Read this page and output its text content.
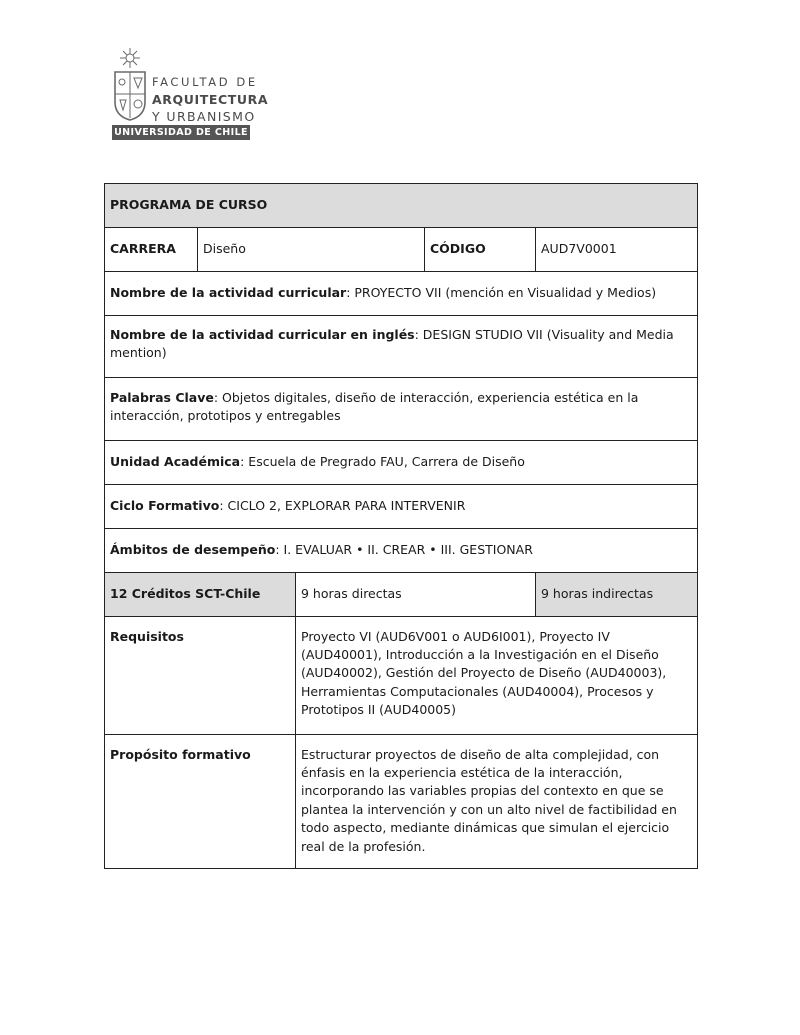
FACULTAD DE
ARQUITECTURA
Y URBANISMO
UNIVERSIDAD DE CHILE
PROGRAMA DE CURSO				
CARRERA	Diseño		CÓDIGO	AUD7V0001
Nombre de la actividad curricular: PROYECTO VII (mención en Visualidad y Medios)				
Nombre de la actividad curricular en inglés: DESIGN STUDIO VII (Visuality and Media mention)				
Palabras Clave: Objetos digitales, diseño de interacción, experiencia estética en la interacción, prototipos y entregables				
Unidad Académica: Escuela de Pregrado FAU, Carrera de Diseño				
Ciclo Formativo: CICLO 2, EXPLORAR PARA INTERVENIR				
Ámbitos de desempeño: I. EVALUAR • II. CREAR • III. GESTIONAR				
12 Créditos SCT-Chile		9 horas directas		9 horas indirectas
Requisitos		Proyecto VI (AUD6V001 o AUD6I001), Proyecto IV (AUD40001), Introducción a la Investigación en el Diseño (AUD40002), Gestión del Proyecto de Diseño (AUD40003), Herramientas Computacionales (AUD40004), Procesos y Prototipos II (AUD40005)		
Propósito formativo		Estructurar proyectos de diseño de alta complejidad, con énfasis en la experiencia estética de la interacción, incorporando las variables propias del contexto en que se plantea la intervención y con un alto nivel de factibilidad en todo aspecto, mediante dinámicas que simulan el ejercicio real de la profesión.		
